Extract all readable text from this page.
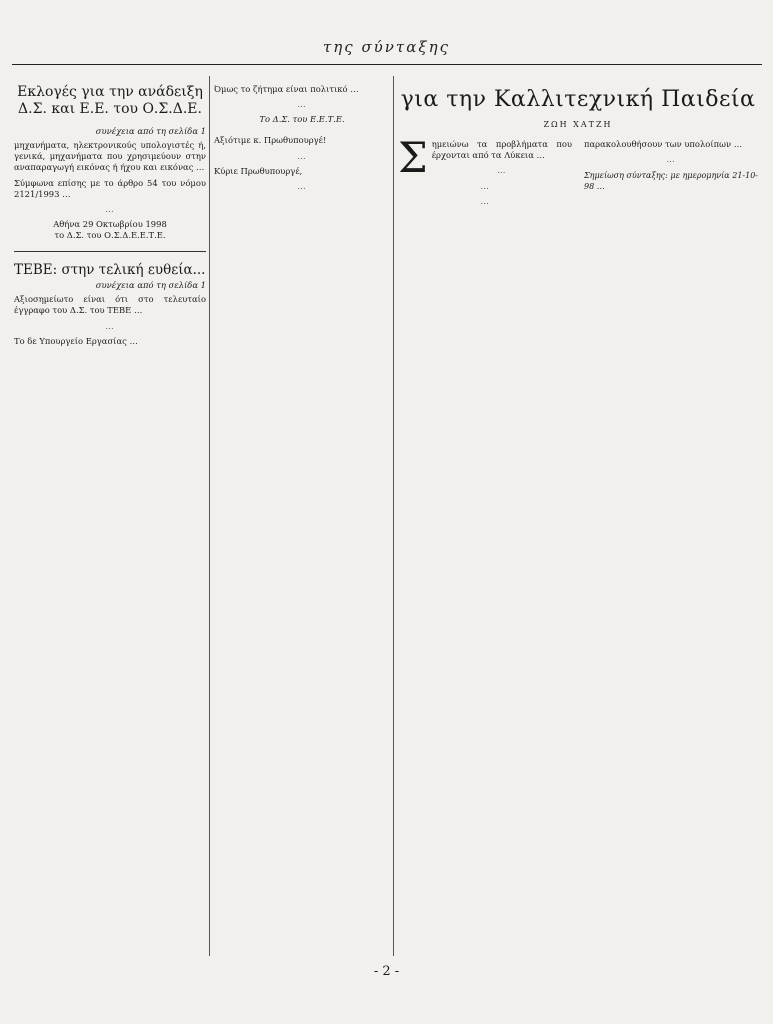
της σύνταξης
Εκλογές για την ανάδειξη Δ.Σ. και Ε.Ε. του Ο.Σ.Δ.Ε.
συνέχεια από τη σελίδα 1

μηχανήματα, ηλεκτρονικούς υπολογιστές ή, γενικά, μηχανήματα που χρησιμεύουν στην αναπαραγωγή εικόνας ή ήχου και εικόνας …

Σύμφωνα επίσης με το άρθρο 54 του νόμου 2121/1993 …

…

Αθήνα 29 Οκτωβρίου 1998
το Δ.Σ. του Ο.Σ.Δ.Ε.Ε.Τ.Ε.
ΤΕΒΕ: στην τελική ευθεία...
συνέχεια από τη σελίδα 1

Αξιοσημείωτο είναι ότι στο τελευταίο έγγραφο του Δ.Σ. του ΤΕΒΕ …

…

Το δε Υπουργείο Εργασίας …

Όμως το ζήτημα είναι πολιτικό …

…

Το Δ.Σ. του Ε.Ε.Τ.Ε.

Αξιότιμε κ. Πρωθυπουργέ!

…

Κύριε Πρωθυπουργέ,

…

για την Καλλιτεχνική Παιδεία
ΖΩΗ ΧΑΤΖΗ

Σημειώνω τα προβλήματα που έρχονται από τα Λύκεια …

…

…

…

παρακολουθήσουν των υπολοίπων …

…

Σημείωση σύνταξης: με ημερομηνία 21-10-98 …
- 2 -
